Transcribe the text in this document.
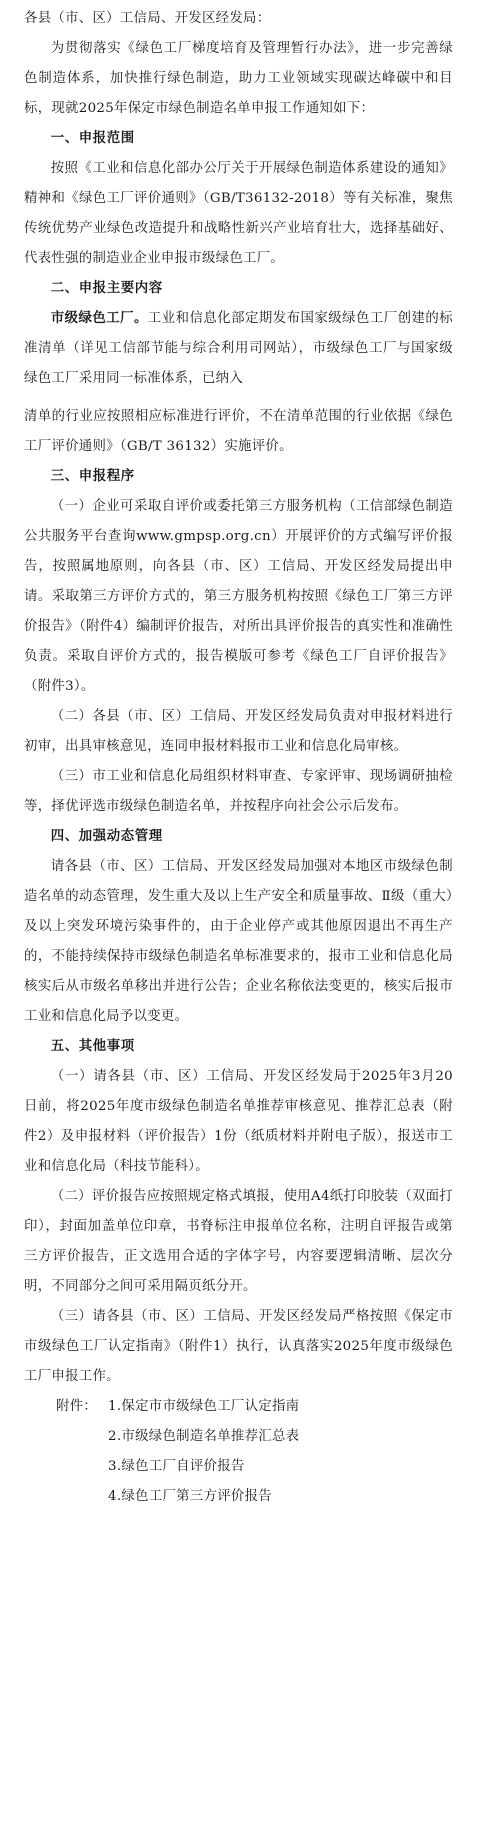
各县（市、区）工信局、开发区经发局：

为贯彻落实《绿色工厂梯度培育及管理暂行办法》，进一步完善绿色制造体系，加快推行绿色制造，助力工业领域实现碳达峰碳中和目标，现就2025年保定市绿色制造名单申报工作通知如下：

一、申报范围

按照《工业和信息化部办公厅关于开展绿色制造体系建设的通知》精神和《绿色工厂评价通则》（GB/T36132-2018）等有关标准，聚焦传统优势产业绿色改造提升和战略性新兴产业培育壮大，选择基础好、代表性强的制造业企业申报市级绿色工厂。

二、申报主要内容

市级绿色工厂。工业和信息化部定期发布国家级绿色工厂创建的标准清单（详见工信部节能与综合利用司网站），市级绿色工厂与国家级绿色工厂采用同一标准体系，已纳入

清单的行业应按照相应标准进行评价，不在清单范围的行业依据《绿色工厂评价通则》（GB/T 36132）实施评价。

三、申报程序

（一）企业可采取自评价或委托第三方服务机构（工信部绿色制造公共服务平台查询www.gmpsp.org.cn）开展评价的方式编写评价报告，按照属地原则，向各县（市、区）工信局、开发区经发局提出申请。采取第三方评价方式的，第三方服务机构按照《绿色工厂第三方评价报告》（附件4）编制评价报告，对所出具评价报告的真实性和准确性负责。采取自评价方式的，报告模版可参考《绿色工厂自评价报告》（附件3）。

（二）各县（市、区）工信局、开发区经发局负责对申报材料进行初审，出具审核意见，连同申报材料报市工业和信息化局审核。

（三）市工业和信息化局组织材料审查、专家评审、现场调研抽检等，择优评选市级绿色制造名单，并按程序向社会公示后发布。

四、加强动态管理

请各县（市、区）工信局、开发区经发局加强对本地区市级绿色制造名单的动态管理，发生重大及以上生产安全和质量事故、Ⅱ级（重大）及以上突发环境污染事件的，由于企业停产或其他原因退出不再生产的，不能持续保持市级绿色制造名单标准要求的，报市工业和信息化局核实后从市级名单移出并进行公告；企业名称依法变更的，核实后报市工业和信息化局予以变更。

五、其他事项

（一）请各县（市、区）工信局、开发区经发局于2025年3月20日前，将2025年度市级绿色制造名单推荐审核意见、推荐汇总表（附件2）及申报材料（评价报告）1份（纸质材料并附电子版），报送市工业和信息化局（科技节能科）。

（二）评价报告应按照规定格式填报，使用A4纸打印胶装（双面打印），封面加盖单位印章，书脊标注申报单位名称，注明自评报告或第三方评价报告，正文选用合适的字体字号，内容要逻辑清晰、层次分明，不同部分之间可采用隔页纸分开。

（三）请各县（市、区）工信局、开发区经发局严格按照《保定市市级绿色工厂认定指南》（附件1）执行，认真落实2025年度市级绿色工厂申报工作。

附件： 1.保定市市级绿色工厂认定指南

2.市级绿色制造名单推荐汇总表

3.绿色工厂自评价报告

4.绿色工厂第三方评价报告
